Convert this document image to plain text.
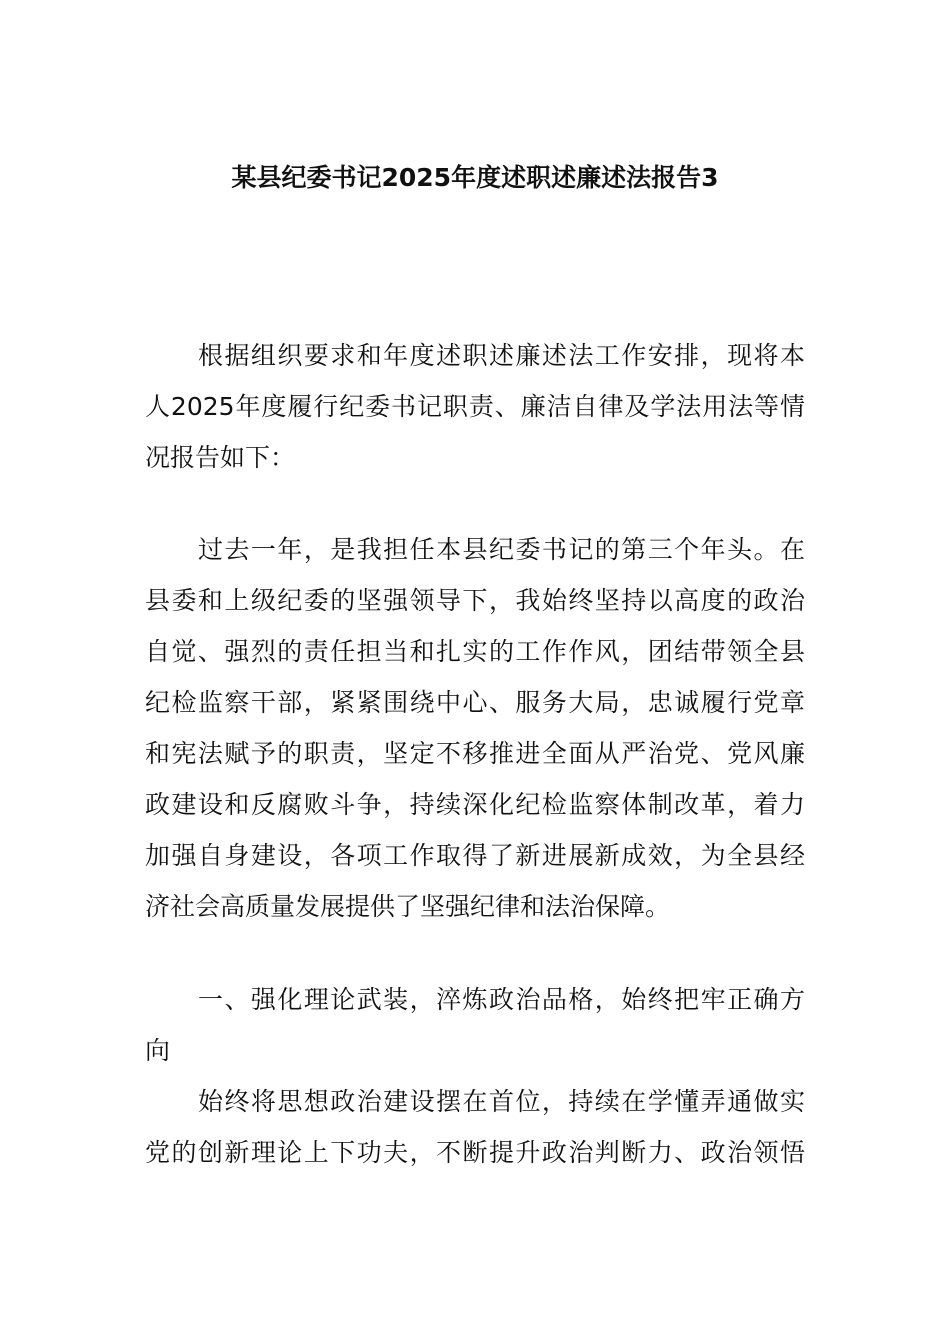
某县纪委书记2025年度述职述廉述法报告3
根据组织要求和年度述职述廉述法工作安排，现将本
人2025年度履行纪委书记职责、廉洁自律及学法用法等情
况报告如下：
过去一年，是我担任本县纪委书记的第三个年头。在
县委和上级纪委的坚强领导下，我始终坚持以高度的政治
自觉、强烈的责任担当和扎实的工作作风，团结带领全县
纪检监察干部，紧紧围绕中心、服务大局，忠诚履行党章
和宪法赋予的职责，坚定不移推进全面从严治党、党风廉
政建设和反腐败斗争，持续深化纪检监察体制改革，着力
加强自身建设，各项工作取得了新进展新成效，为全县经
济社会高质量发展提供了坚强纪律和法治保障。
一、强化理论武装，淬炼政治品格，始终把牢正确方
向
始终将思想政治建设摆在首位，持续在学懂弄通做实
党的创新理论上下功夫，不断提升政治判断力、政治领悟
